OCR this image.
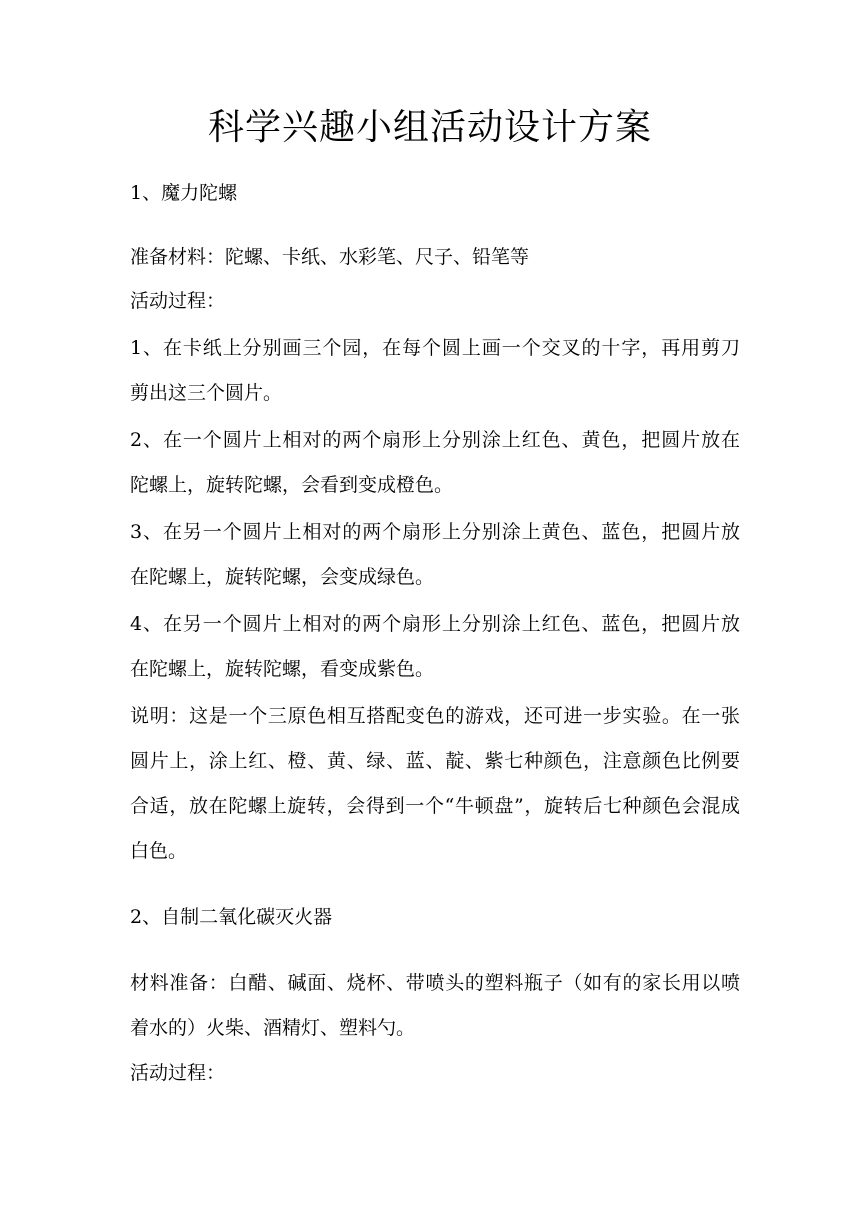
科学兴趣小组活动设计方案

1、魔力陀螺

准备材料：陀螺、卡纸、水彩笔、尺子、铅笔等

活动过程：

1、在卡纸上分别画三个园，在每个圆上画一个交叉的十字，再用剪刀

剪出这三个圆片。

2、在一个圆片上相对的两个扇形上分别涂上红色、黄色，把圆片放在

陀螺上，旋转陀螺，会看到变成橙色。

3、在另一个圆片上相对的两个扇形上分别涂上黄色、蓝色，把圆片放

在陀螺上，旋转陀螺，会变成绿色。

4、在另一个圆片上相对的两个扇形上分别涂上红色、蓝色，把圆片放

在陀螺上，旋转陀螺，看变成紫色。

说明：这是一个三原色相互搭配变色的游戏，还可进一步实验。在一张

圆片上，涂上红、橙、黄、绿、蓝、靛、紫七种颜色，注意颜色比例要

合适，放在陀螺上旋转，会得到一个“牛顿盘”，旋转后七种颜色会混成

白色。

2、自制二氧化碳灭火器

材料准备：白醋、碱面、烧杯、带喷头的塑料瓶子（如有的家长用以喷

着水的）火柴、酒精灯、塑料勺。

活动过程：
